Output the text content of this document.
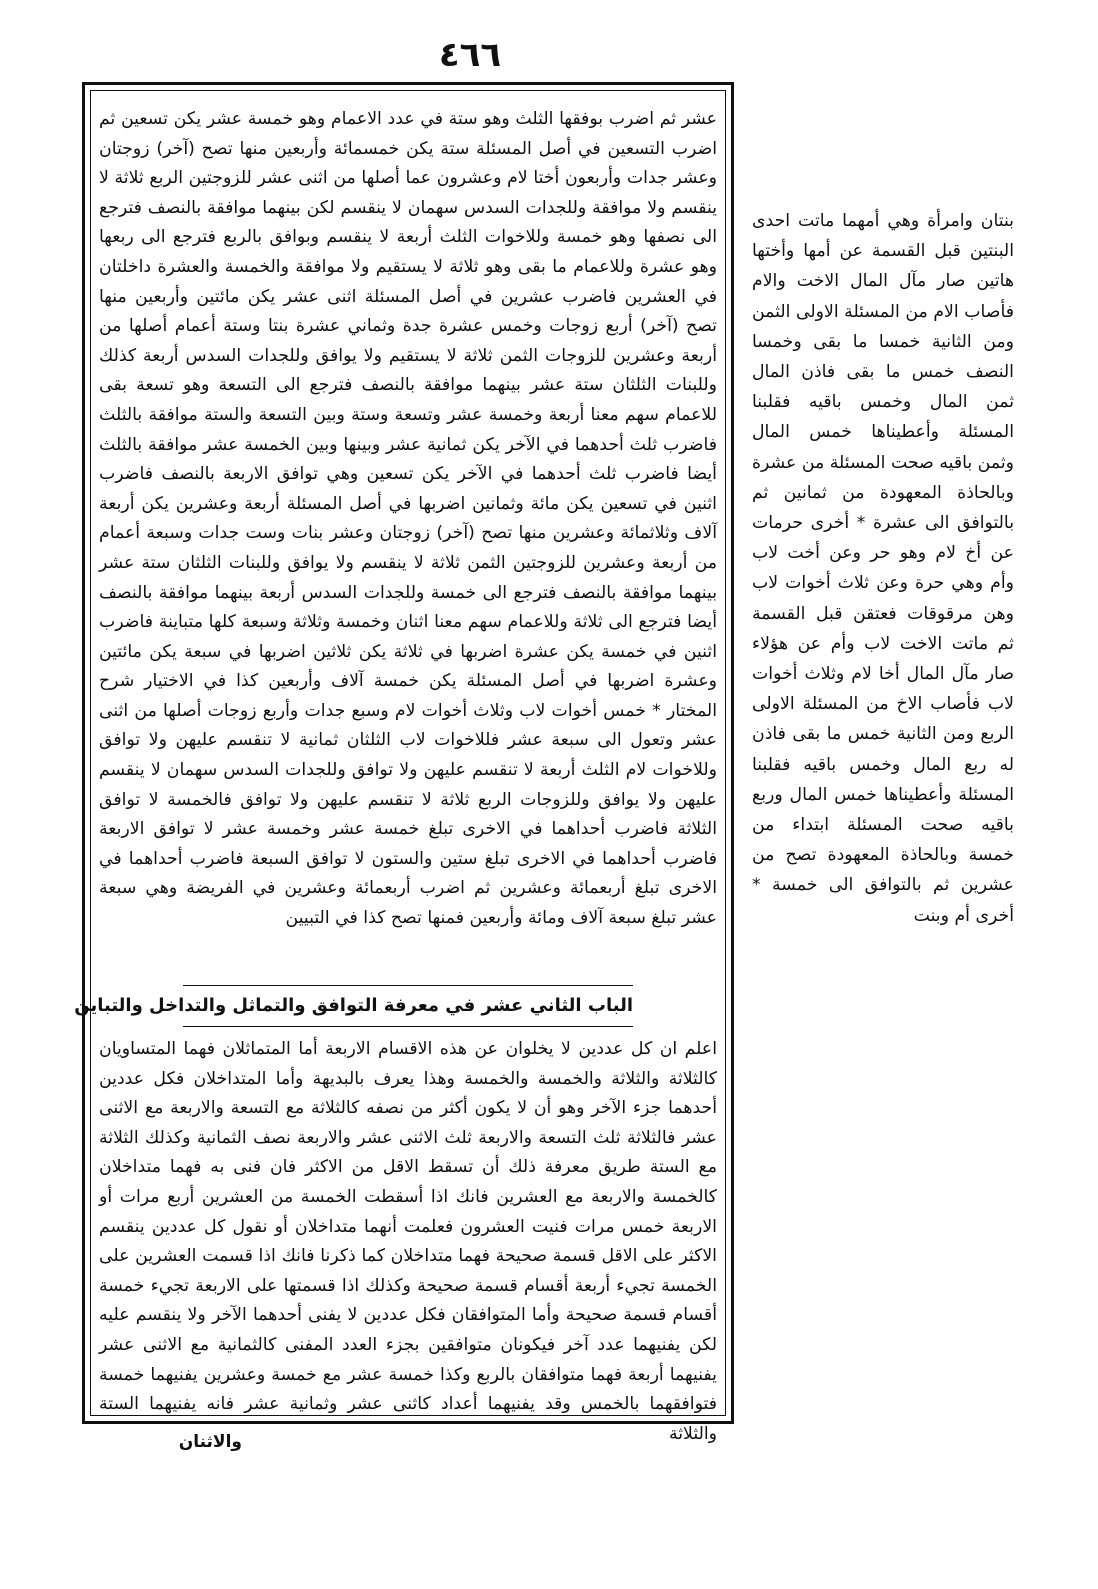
٤٦٦
عشر ثم اضرب بوفقها الثلث وهو ستة في عدد الاعمام وهو خمسة عشر يكن تسعين ثم اضرب التسعين في أصل المسئلة ستة يكن خمسمائة وأربعين منها تصح (آخر) زوجتان وعشر جدات وأربعون أختا لام وعشرون عما أصلها من اثنى عشر للزوجتين الربع ثلاثة لا ينقسم ولا موافقة وللجدات السدس سهمان لا ينقسم لكن بينهما موافقة بالنصف فترجع الى نصفها وهو خمسة وللاخوات الثلث أربعة لا ينقسم وبوافق بالربع فترجع الى ربعها وهو عشرة وللاعمام ما بقى وهو ثلاثة لا يستقيم ولا موافقة والخمسة والعشرة داخلتان في العشرين فاضرب عشرين في أصل المسئلة اثنى عشر يكن مائتين وأربعين منها تصح (آخر) أربع زوجات وخمس عشرة جدة وثماني عشرة بنتا وستة أعمام أصلها من أربعة وعشرين للزوجات الثمن ثلاثة لا يستقيم ولا يوافق وللجدات السدس أربعة كذلك وللبنات الثلثان ستة عشر بينهما موافقة بالنصف فترجع الى التسعة وهو تسعة بقى للاعمام سهم معنا أربعة وخمسة عشر وتسعة وستة وبين التسعة والستة موافقة بالثلث فاضرب ثلث أحدهما في الآخر يكن ثمانية عشر وبينها وبين الخمسة عشر موافقة بالثلث أيضا فاضرب ثلث أحدهما في الآخر يكن تسعين وهي توافق الاربعة بالنصف فاضرب اثنين في تسعين يكن مائة وثمانين اضربها في أصل المسئلة أربعة وعشرين يكن أربعة آلاف وثلاثمائة وعشرين منها تصح (آخر) زوجتان وعشر بنات وست جدات وسبعة أعمام من أربعة وعشرين للزوجتين الثمن ثلاثة لا ينقسم ولا يوافق وللبنات الثلثان ستة عشر بينهما موافقة بالنصف فترجع الى خمسة وللجدات السدس أربعة بينهما موافقة بالنصف أيضا فترجع الى ثلاثة وللاعمام سهم معنا اثنان وخمسة وثلاثة وسبعة كلها متباينة فاضرب اثنين في خمسة يكن عشرة اضربها في ثلاثة يكن ثلاثين اضربها في سبعة يكن مائتين وعشرة اضربها في أصل المسئلة يكن خمسة آلاف وأربعين كذا في الاختيار شرح المختار * خمس أخوات لاب وثلاث أخوات لام وسبع جدات وأربع زوجات أصلها من اثنى عشر وتعول الى سبعة عشر فللاخوات لاب الثلثان ثمانية لا تنقسم عليهن ولا توافق وللاخوات لام الثلث أربعة لا تنقسم عليهن ولا توافق وللجدات السدس سهمان لا ينقسم عليهن ولا يوافق وللزوجات الربع ثلاثة لا تنقسم عليهن ولا توافق فالخمسة لا توافق الثلاثة فاضرب أحداهما في الاخرى تبلغ خمسة عشر وخمسة عشر لا توافق الاربعة فاضرب أحداهما في الاخرى تبلغ ستين والستون لا توافق السبعة فاضرب أحداهما في الاخرى تبلغ أربعمائة وعشرين ثم اضرب أربعمائة وعشرين في الفريضة وهي سبعة عشر تبلغ سبعة آلاف ومائة وأربعين فمنها تصح كذا في التبيين
الباب الثاني عشر في معرفة التوافق والتماثل والتداخل والتباين
اعلم ان كل عددين لا يخلوان عن هذه الاقسام الاربعة أما المتماثلان فهما المتساويان كالثلاثة والثلاثة والخمسة والخمسة وهذا يعرف بالبديهة وأما المتداخلان فكل عددين أحدهما جزء الآخر وهو أن لا يكون أكثر من نصفه كالثلاثة مع التسعة والاربعة مع الاثنى عشر فالثلاثة ثلث التسعة والاربعة ثلث الاثنى عشر والاربعة نصف الثمانية وكذلك الثلاثة مع الستة طريق معرفة ذلك أن تسقط الاقل من الاكثر فان فنى به فهما متداخلان كالخمسة والاربعة مع العشرين فانك اذا أسقطت الخمسة من العشرين أربع مرات أو الاربعة خمس مرات فنيت العشرون فعلمت أنهما متداخلان أو نقول كل عددين ينقسم الاكثر على الاقل قسمة صحيحة فهما متداخلان كما ذكرنا فانك اذا قسمت العشرين على الخمسة تجيء أربعة أقسام قسمة صحيحة وكذلك اذا قسمتها على الاربعة تجيء خمسة أقسام قسمة صحيحة وأما المتوافقان فكل عددين لا يفنى أحدهما الآخر ولا ينقسم عليه لكن يفنيهما عدد آخر فيكونان متوافقين بجزء العدد المفنى كالثمانية مع الاثنى عشر يفنيهما أربعة فهما متوافقان بالربع وكذا خمسة عشر مع خمسة وعشرين يفنيهما خمسة فتوافقهما بالخمس وقد يفنيهما أعداد كاثنى عشر وثمانية عشر فانه يفنيهما الستة والثلاثة
بنتان وامرأة وهي أمهما ماتت احدى البنتين قبل القسمة عن أمها وأختها هاتين صار مآل المال الاخت والام فأصاب الام من المسئلة الاولى الثمن ومن الثانية خمسا ما بقى وخمسا النصف خمس ما بقى فاذن المال ثمن المال وخمس باقيه فقلبنا المسئلة وأعطيناها خمس المال وثمن باقيه صحت المسئلة من عشرة وبالحاذة المعهودة من ثمانين ثم بالتوافق الى عشرة * أخرى حرمات عن أخ لام وهو حر وعن أخت لاب وأم وهي حرة وعن ثلاث أخوات لاب وهن مرقوقات فعتقن قبل القسمة ثم ماتت الاخت لاب وأم عن هؤلاء صار مآل المال أخا لام وثلاث أخوات لاب فأصاب الاخ من المسئلة الاولى الربع ومن الثانية خمس ما بقى فاذن له ربع المال وخمس باقيه فقلبنا المسئلة وأعطيناها خمس المال وربع باقيه صحت المسئلة ابتداء من خمسة وبالحاذة المعهودة تصح من عشرين ثم بالتوافق الى خمسة * أخرى أم وبنت
والاثنان
